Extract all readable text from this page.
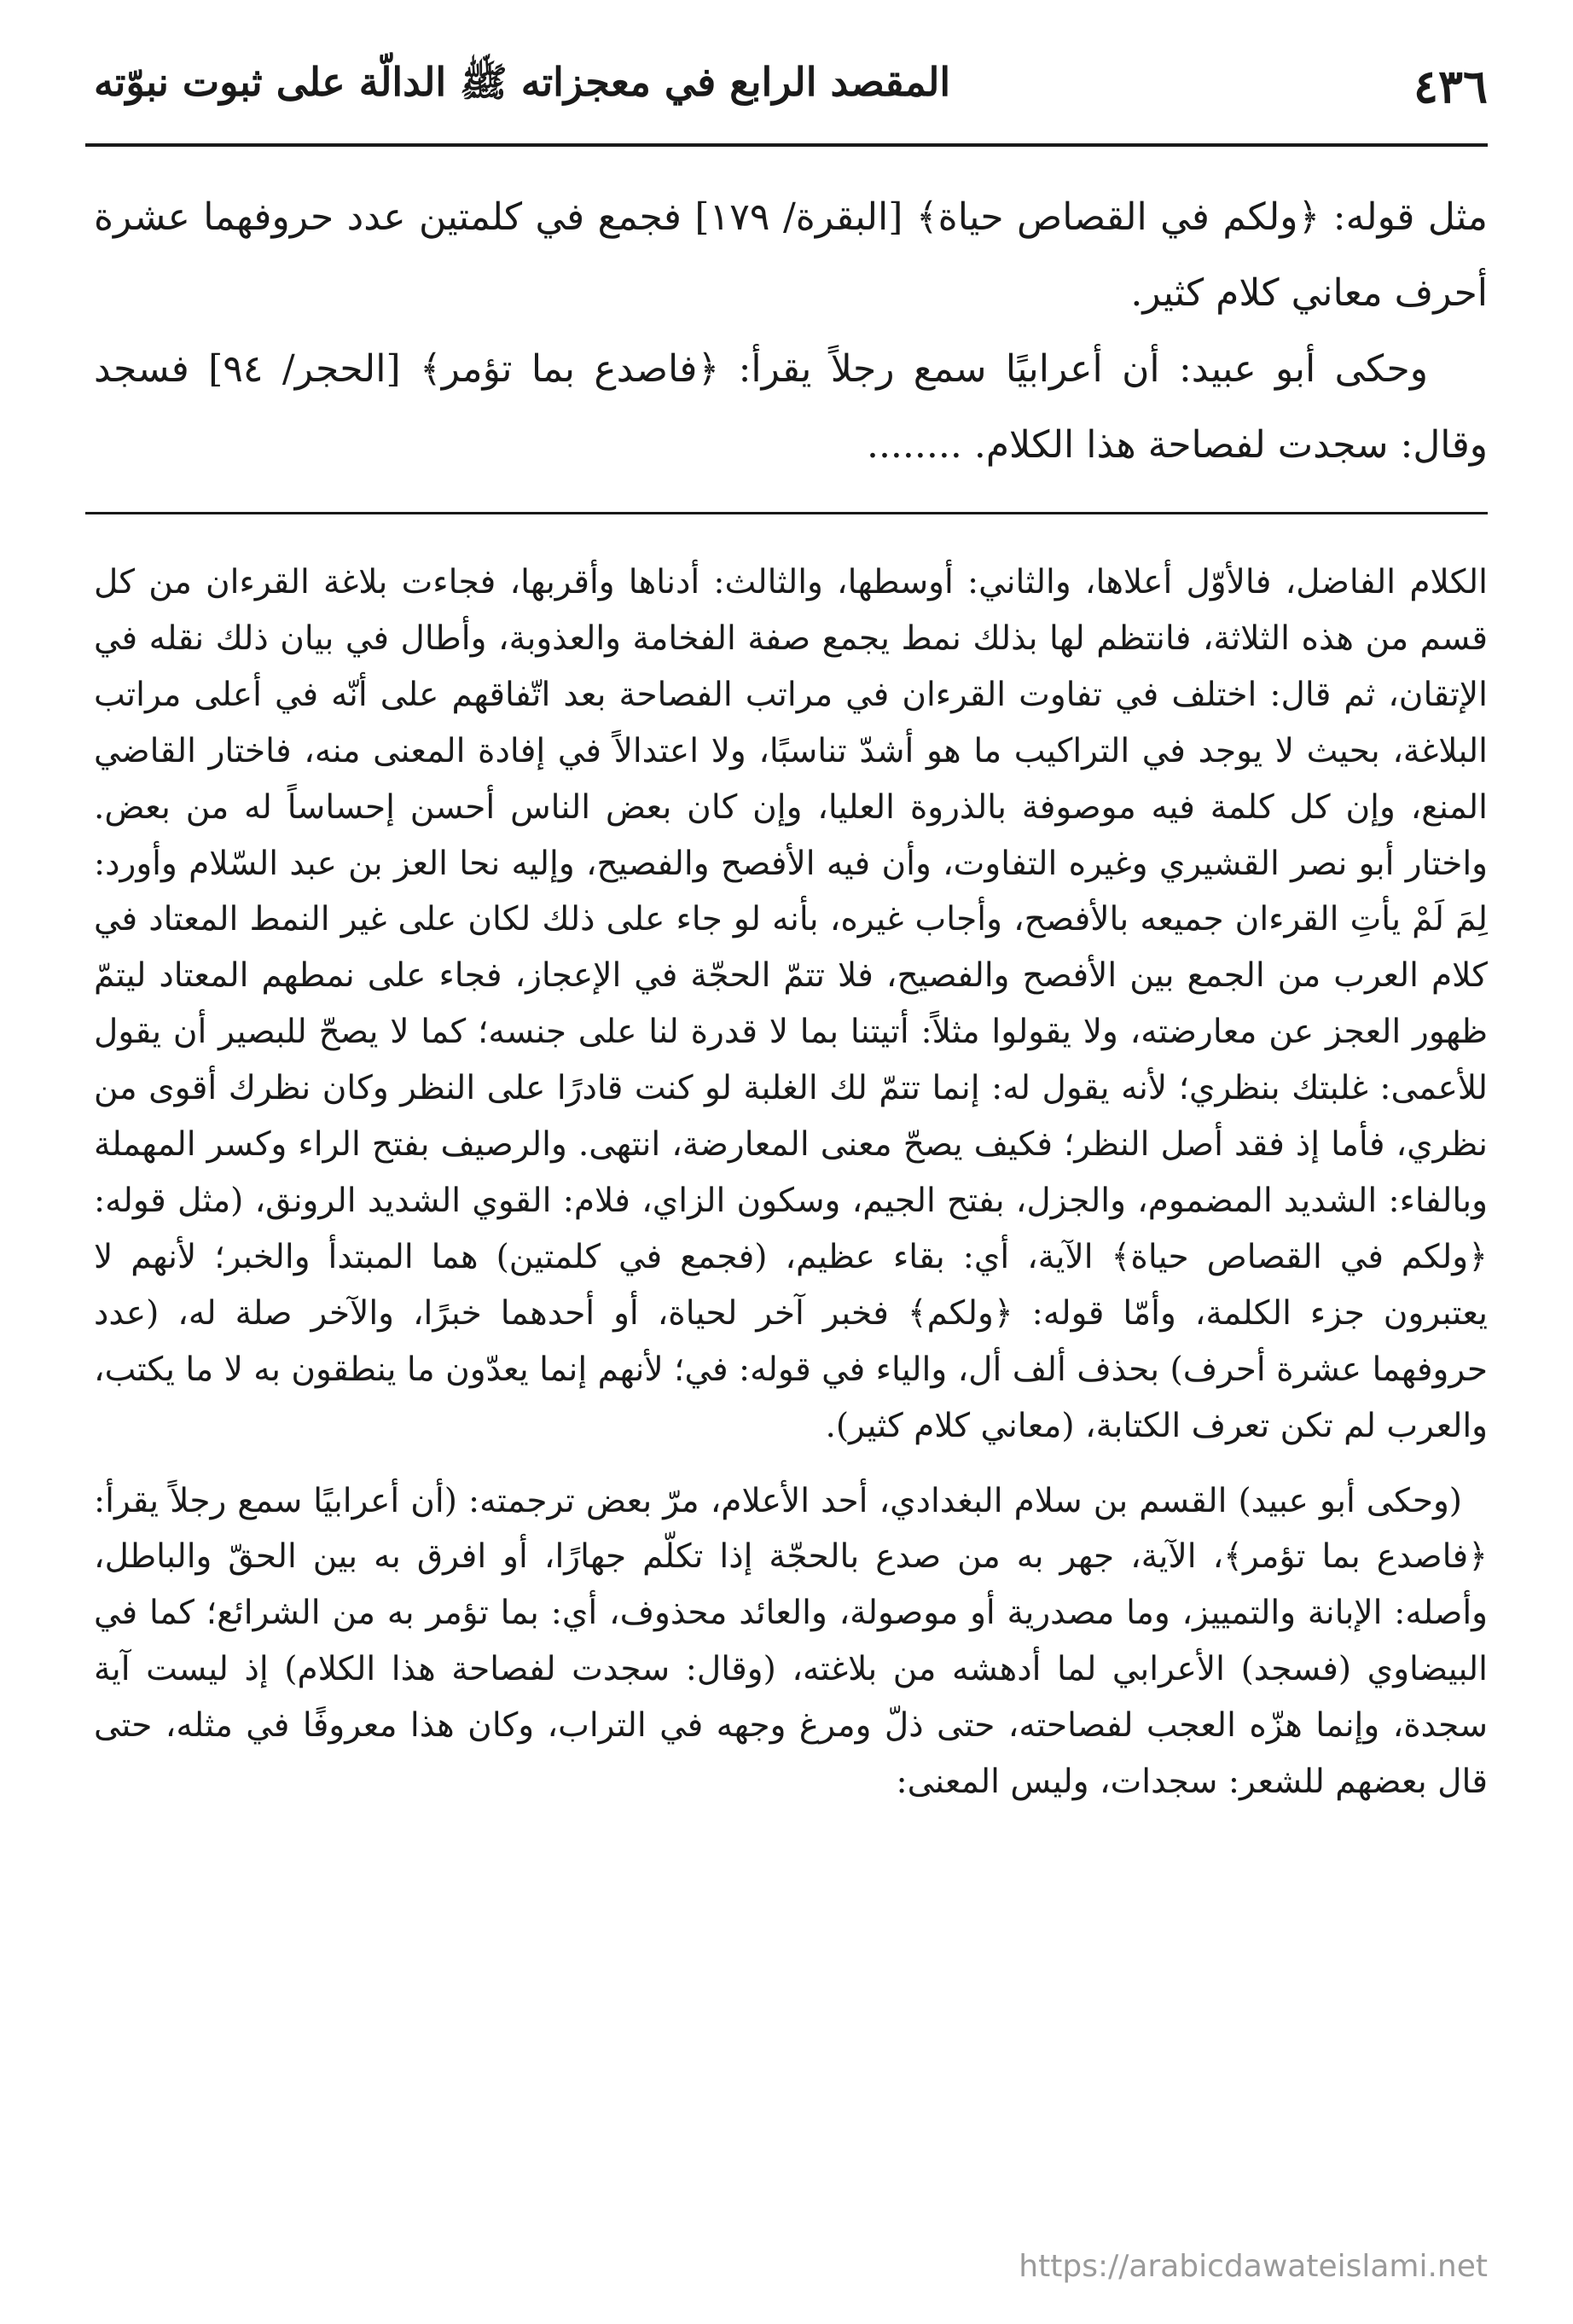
٤٣٦
المقصد الرابع في معجزاته ﷺ الدالّة على ثبوت نبوّته

مثل قوله: ﴿ولكم في القصاص حياة﴾ [البقرة/ ١٧٩] فجمع في كلمتين عدد حروفهما عشرة أحرف معاني كلام كثير.

وحكى أبو عبيد: أن أعرابيًا سمع رجلاً يقرأ: ﴿فاصدع بما تؤمر﴾ [الحجر/ ٩٤] فسجد وقال: سجدت لفصاحة هذا الكلام. ........

الكلام الفاضل، فالأوّل أعلاها، والثاني: أوسطها، والثالث: أدناها وأقربها، فجاءت بلاغة القرءان من كل قسم من هذه الثلاثة، فانتظم لها بذلك نمط يجمع صفة الفخامة والعذوبة، وأطال في بيان ذلك نقله في الإتقان، ثم قال: اختلف في تفاوت القرءان في مراتب الفصاحة بعد اتّفاقهم على أنّه في أعلى مراتب البلاغة، بحيث لا يوجد في التراكيب ما هو أشدّ تناسبًا، ولا اعتدالاً في إفادة المعنى منه، فاختار القاضي المنع، وإن كل كلمة فيه موصوفة بالذروة العليا، وإن كان بعض الناس أحسن إحساساً له من بعض. واختار أبو نصر القشيري وغيره التفاوت، وأن فيه الأفصح والفصيح، وإليه نحا العز بن عبد السّلام وأورد: لِمَ لَمْ يأتِ القرءان جميعه بالأفصح، وأجاب غيره، بأنه لو جاء على ذلك لكان على غير النمط المعتاد في كلام العرب من الجمع بين الأفصح والفصيح، فلا تتمّ الحجّة في الإعجاز، فجاء على نمطهم المعتاد ليتمّ ظهور العجز عن معارضته، ولا يقولوا مثلاً: أتيتنا بما لا قدرة لنا على جنسه؛ كما لا يصحّ للبصير أن يقول للأعمى: غلبتك بنظري؛ لأنه يقول له: إنما تتمّ لك الغلبة لو كنت قادرًا على النظر وكان نظرك أقوى من نظري، فأما إذ فقد أصل النظر؛ فكيف يصحّ معنى المعارضة، انتهى. والرصيف بفتح الراء وكسر المهملة وبالفاء: الشديد المضموم، والجزل، بفتح الجيم، وسكون الزاي، فلام: القوي الشديد الرونق، (مثل قوله: ﴿ولكم في القصاص حياة﴾ الآية، أي: بقاء عظيم، (فجمع في كلمتين) هما المبتدأ والخبر؛ لأنهم لا يعتبرون جزء الكلمة، وأمّا قوله: ﴿ولكم﴾ فخبر آخر لحياة، أو أحدهما خبرًا، والآخر صلة له، (عدد حروفهما عشرة أحرف) بحذف ألف أل، والياء في قوله: في؛ لأنهم إنما يعدّون ما ينطقون به لا ما يكتب، والعرب لم تكن تعرف الكتابة، (معاني كلام كثير).

(وحكى أبو عبيد) القسم بن سلام البغدادي، أحد الأعلام، مرّ بعض ترجمته: (أن أعرابيًا سمع رجلاً يقرأ: ﴿فاصدع بما تؤمر﴾، الآية، جهر به من صدع بالحجّة إذا تكلّم جهارًا، أو افرق به بين الحقّ والباطل، وأصله: الإبانة والتمييز، وما مصدرية أو موصولة، والعائد محذوف، أي: بما تؤمر به من الشرائع؛ كما في البيضاوي (فسجد) الأعرابي لما أدهشه من بلاغته، (وقال: سجدت لفصاحة هذا الكلام) إذ ليست آية سجدة، وإنما هزّه العجب لفصاحته، حتى ذلّ ومرغ وجهه في التراب، وكان هذا معروفًا في مثله، حتى قال بعضهم للشعر: سجدات، وليس المعنى:

https://arabicdawateislami.net
